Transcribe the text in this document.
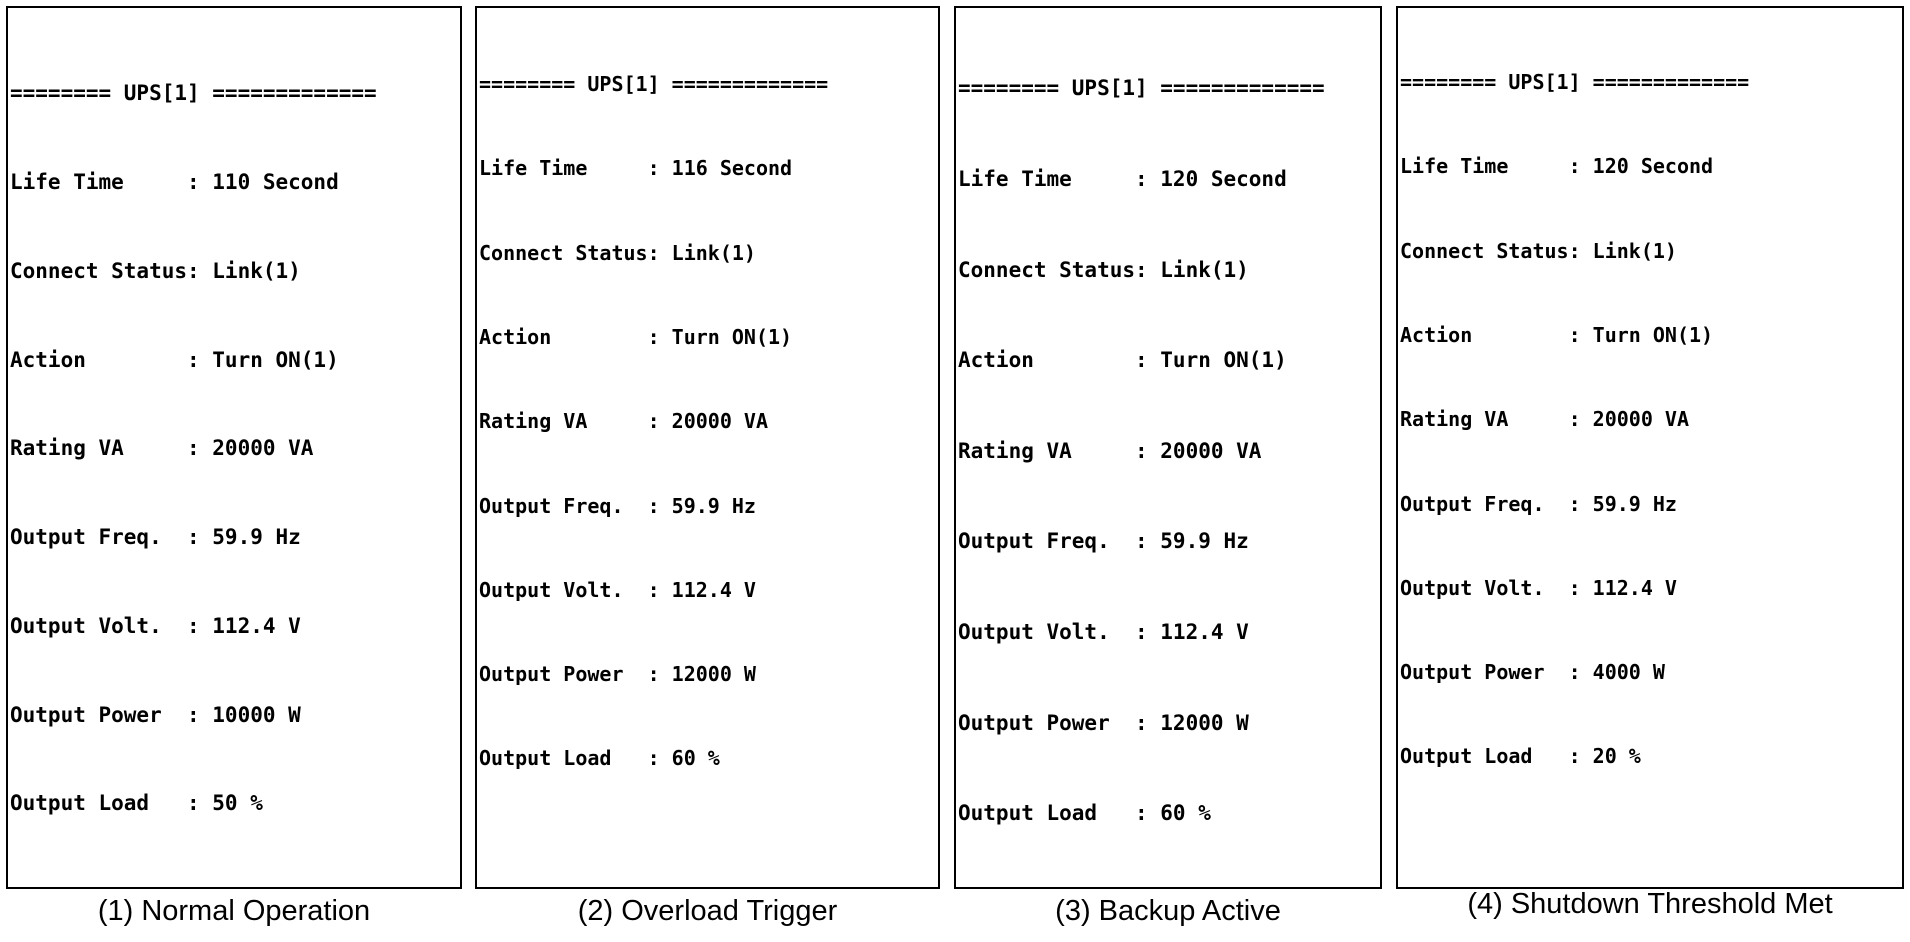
======== UPS[1] =============

Life Time     : 110 Second

Connect Status: Link(1)

Action        : Turn ON(1)

Rating VA     : 20000 VA

Output Freq.  : 59.9 Hz

Output Volt.  : 112.4 V

Output Power  : 10000 W

Output Load   : 50 %

(1) Normal Operation

======== UPS[1] =============

Life Time     : 116 Second

Connect Status: Link(1)

Action        : Turn ON(1)

Rating VA     : 20000 VA

Output Freq.  : 59.9 Hz

Output Volt.  : 112.4 V

Output Power  : 12000 W

Output Load   : 60 %

(2) Overload Trigger

======== UPS[1] =============

Life Time     : 120 Second

Connect Status: Link(1)

Action        : Turn ON(1)

Rating VA     : 20000 VA

Output Freq.  : 59.9 Hz

Output Volt.  : 112.4 V

Output Power  : 12000 W

Output Load   : 60 %

(3) Backup Active

======== UPS[1] =============

Life Time     : 120 Second

Connect Status: Link(1)

Action        : Turn ON(1)

Rating VA     : 20000 VA

Output Freq.  : 59.9 Hz

Output Volt.  : 112.4 V

Output Power  : 4000 W

Output Load   : 20 %

(4) Shutdown Threshold Met
